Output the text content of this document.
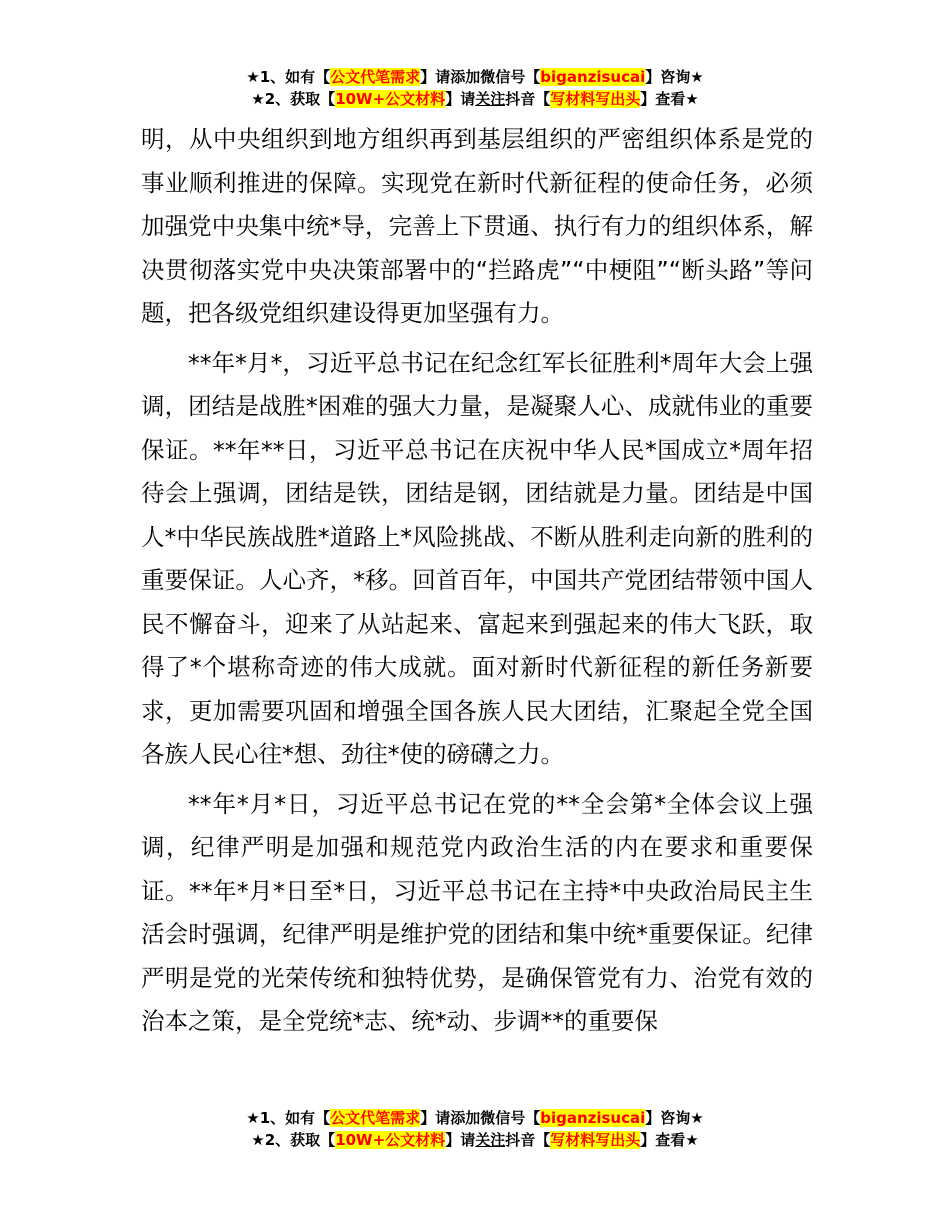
★1、如有【公文代笔需求】请添加微信号【biganzisucai】咨询★
★2、获取【10W+公文材料】请关注抖音【写材料写出头】查看★

明，从中央组织到地方组织再到基层组织的严密组织体系是党的事业顺利推进的保障。实现党在新时代新征程的使命任务，必须加强党中央集中统*导，完善上下贯通、执行有力的组织体系，解决贯彻落实党中央决策部署中的“拦路虎”“中梗阻”“断头路”等问题，把各级党组织建设得更加坚强有力。

**年*月*，习近平总书记在纪念红军长征胜利*周年大会上强调，团结是战胜*困难的强大力量，是凝聚人心、成就伟业的重要保证。**年**日，习近平总书记在庆祝中华人民*国成立*周年招待会上强调，团结是铁，团结是钢，团结就是力量。团结是中国人*中华民族战胜*道路上*风险挑战、不断从胜利走向新的胜利的重要保证。人心齐，*移。回首百年，中国共产党团结带领中国人民不懈奋斗，迎来了从站起来、富起来到强起来的伟大飞跃，取得了*个堪称奇迹的伟大成就。面对新时代新征程的新任务新要求，更加需要巩固和增强全国各族人民大团结，汇聚起全党全国各族人民心往*想、劲往*使的磅礴之力。

**年*月*日，习近平总书记在党的**全会第*全体会议上强调，纪律严明是加强和规范党内政治生活的内在要求和重要保证。**年*月*日至*日，习近平总书记在主持*中央政治局民主生活会时强调，纪律严明是维护党的团结和集中统*重要保证。纪律严明是党的光荣传统和独特优势，是确保管党有力、治党有效的治本之策，是全党统*志、统*动、步调**的重要保

★1、如有【公文代笔需求】请添加微信号【biganzisucai】咨询★
★2、获取【10W+公文材料】请关注抖音【写材料写出头】查看★
